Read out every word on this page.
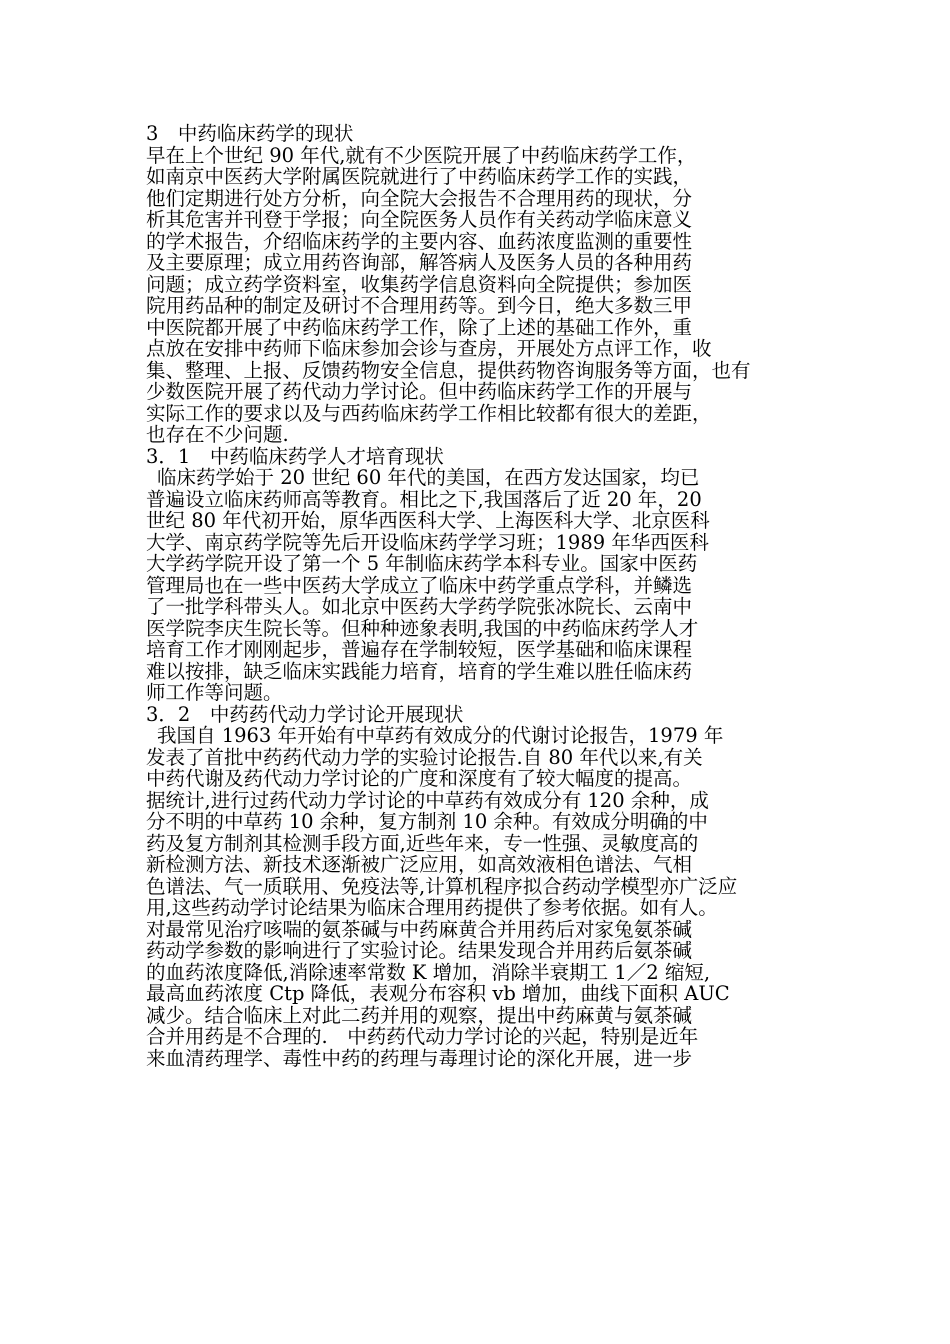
3　中药临床药学的现状

早在上个世纪 90 年代,就有不少医院开展了中药临床药学工作，
如南京中医药大学附属医院就进行了中药临床药学工作的实践，
他们定期进行处方分析，向全院大会报告不合理用药的现状，分
析其危害并刊登于学报；向全院医务人员作有关药动学临床意义
的学术报告，介绍临床药学的主要内容、血药浓度监测的重要性
及主要原理；成立用药咨询部，解答病人及医务人员的各种用药
问题；成立药学资料室，收集药学信息资料向全院提供；参加医
院用药品种的制定及研讨不合理用药等。到今日，绝大多数三甲
中医院都开展了中药临床药学工作，除了上述的基础工作外，重
点放在安排中药师下临床参加会诊与查房，开展处方点评工作，收
集、整理、上报、反馈药物安全信息，提供药物咨询服务等方面，也有
少数医院开展了药代动力学讨论。但中药临床药学工作的开展与
实际工作的要求以及与西药临床药学工作相比较都有很大的差距，
也存在不少问题.

3．1　中药临床药学人才培育现状

临床药学始于 20 世纪 60 年代的美国，在西方发达国家，均已
普遍设立临床药师高等教育。相比之下,我国落后了近 20 年，20
世纪 80 年代初开始，原华西医科大学、上海医科大学、北京医科
大学、南京药学院等先后开设临床药学学习班；1989 年华西医科
大学药学院开设了第一个 5 年制临床药学本科专业。国家中医药
管理局也在一些中医药大学成立了临床中药学重点学科，并鳞选
了一批学科带头人。如北京中医药大学药学院张冰院长、云南中
医学院李庆生院长等。但种种迹象表明,我国的中药临床药学人才
培育工作才刚刚起步，普遍存在学制较短，医学基础和临床课程
难以按排，缺乏临床实践能力培育，培育的学生难以胜任临床药
师工作等问题。

3．2　中药药代动力学讨论开展现状

我国自 1963 年开始有中草药有效成分的代谢讨论报告，1979 年
发表了首批中药药代动力学的实验讨论报告.自 80 年代以来,有关
中药代谢及药代动力学讨论的广度和深度有了较大幅度的提高。
据统计,进行过药代动力学讨论的中草药有效成分有 120 余种，成
分不明的中草药 10 余种，复方制剂 10 余种。有效成分明确的中
药及复方制剂其检测手段方面,近些年来，专一性强、灵敏度高的
新检测方法、新技术逐渐被广泛应用，如高效液相色谱法、气相
色谱法、气一质联用、免疫法等,计算机程序拟合药动学模型亦广泛应
用,这些药动学讨论结果为临床合理用药提供了参考依据。如有人。
对最常见治疗咳喘的氨茶碱与中药麻黄合并用药后对家兔氨茶碱
药动学参数的影响进行了实验讨论。结果发现合并用药后氨茶碱
的血药浓度降低,消除速率常数 K 增加，消除半衰期工 1／2 缩短,
最高血药浓度 Ctp 降低，表观分布容积 vb 增加，曲线下面积 AUC
减少。结合临床上对此二药并用的观察，提出中药麻黄与氨茶碱
合并用药是不合理的.　中药药代动力学讨论的兴起，特别是近年
来血清药理学、毒性中药的药理与毒理讨论的深化开展，进一步
